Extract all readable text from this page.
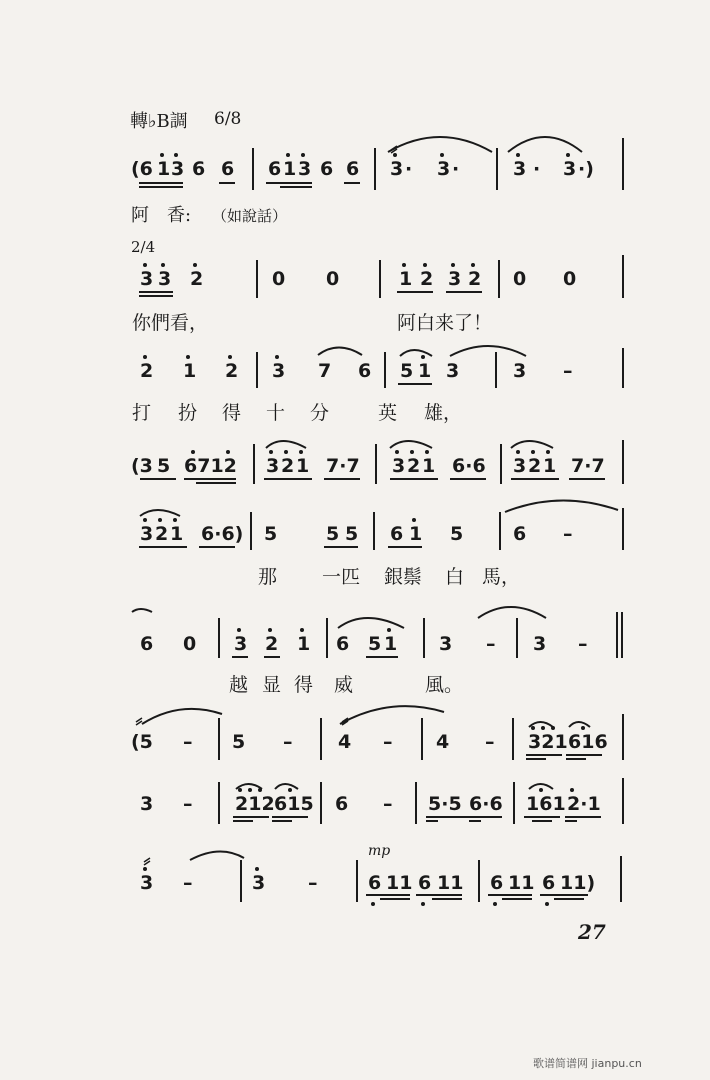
轉♭B調 6/8
(6 1 3 6 6 6 1 3 6 6 3 · 3 ·	3 · 3 ·)
阿　香: （如說話）
2/4
3 3 2	0 0	1 2 3 2 0 0
你們看，	阿白来了！
2 1 2 3 7 6 5 1 3	3 –
打 扮 得 十 分	英 雄，
(3 5 6712 3 2 1 7·7 3 2 1 6·6 3 2 1 7·7
3 2 1 6·6) 5	5 5 6 1 5	6 –
那 一匹 銀鬃 白 馬，
6 0 3 2 1 6 5 1 3 – 3 –
越 显 得 威	風。
(5 – 5 – 4 – 4 – 321 616
3 – 212 615 6 – 5·5 6·6 161 2·1
mp
3 –	3 –	6 11 6 11 6 11 6 11)
27
歌谱简谱网 jianpu.cn
